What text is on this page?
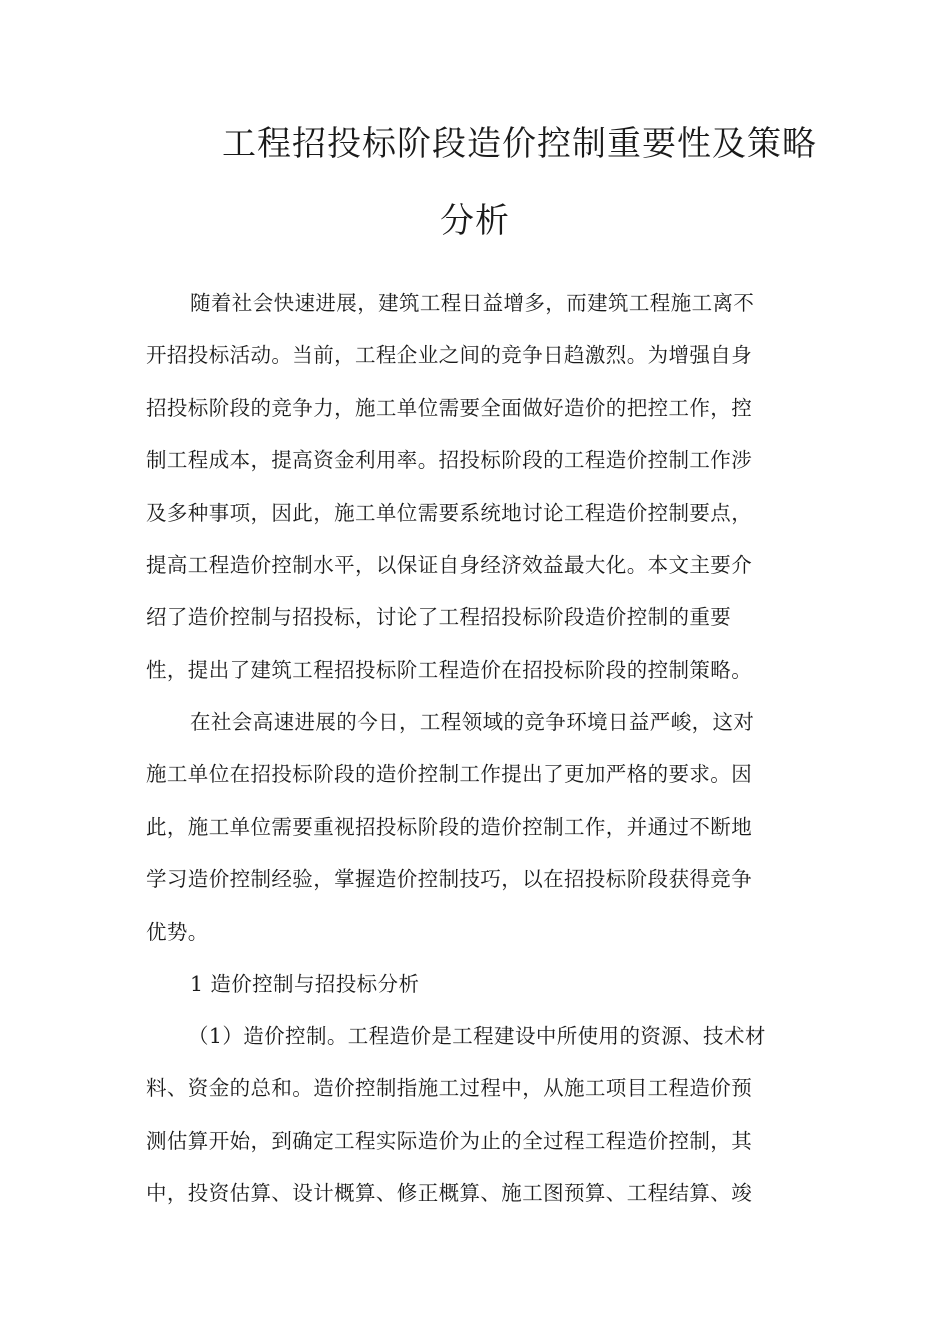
工程招投标阶段造价控制重要性及策略
分析
随着社会快速进展，建筑工程日益增多，而建筑工程施工离不
开招投标活动。当前，工程企业之间的竞争日趋激烈。为增强自身
招投标阶段的竞争力，施工单位需要全面做好造价的把控工作，控
制工程成本，提高资金利用率。招投标阶段的工程造价控制工作涉
及多种事项，因此，施工单位需要系统地讨论工程造价控制要点，
提高工程造价控制水平，以保证自身经济效益最大化。本文主要介
绍了造价控制与招投标，讨论了工程招投标阶段造价控制的重要
性，提出了建筑工程招投标阶工程造价在招投标阶段的控制策略。
在社会高速进展的今日，工程领域的竞争环境日益严峻，这对
施工单位在招投标阶段的造价控制工作提出了更加严格的要求。因
此，施工单位需要重视招投标阶段的造价控制工作，并通过不断地
学习造价控制经验，掌握造价控制技巧，以在招投标阶段获得竞争
优势。
1 造价控制与招投标分析
（1）造价控制。工程造价是工程建设中所使用的资源、技术材
料、资金的总和。造价控制指施工过程中，从施工项目工程造价预
测估算开始，到确定工程实际造价为止的全过程工程造价控制，其
中，投资估算、设计概算、修正概算、施工图预算、工程结算、竣
